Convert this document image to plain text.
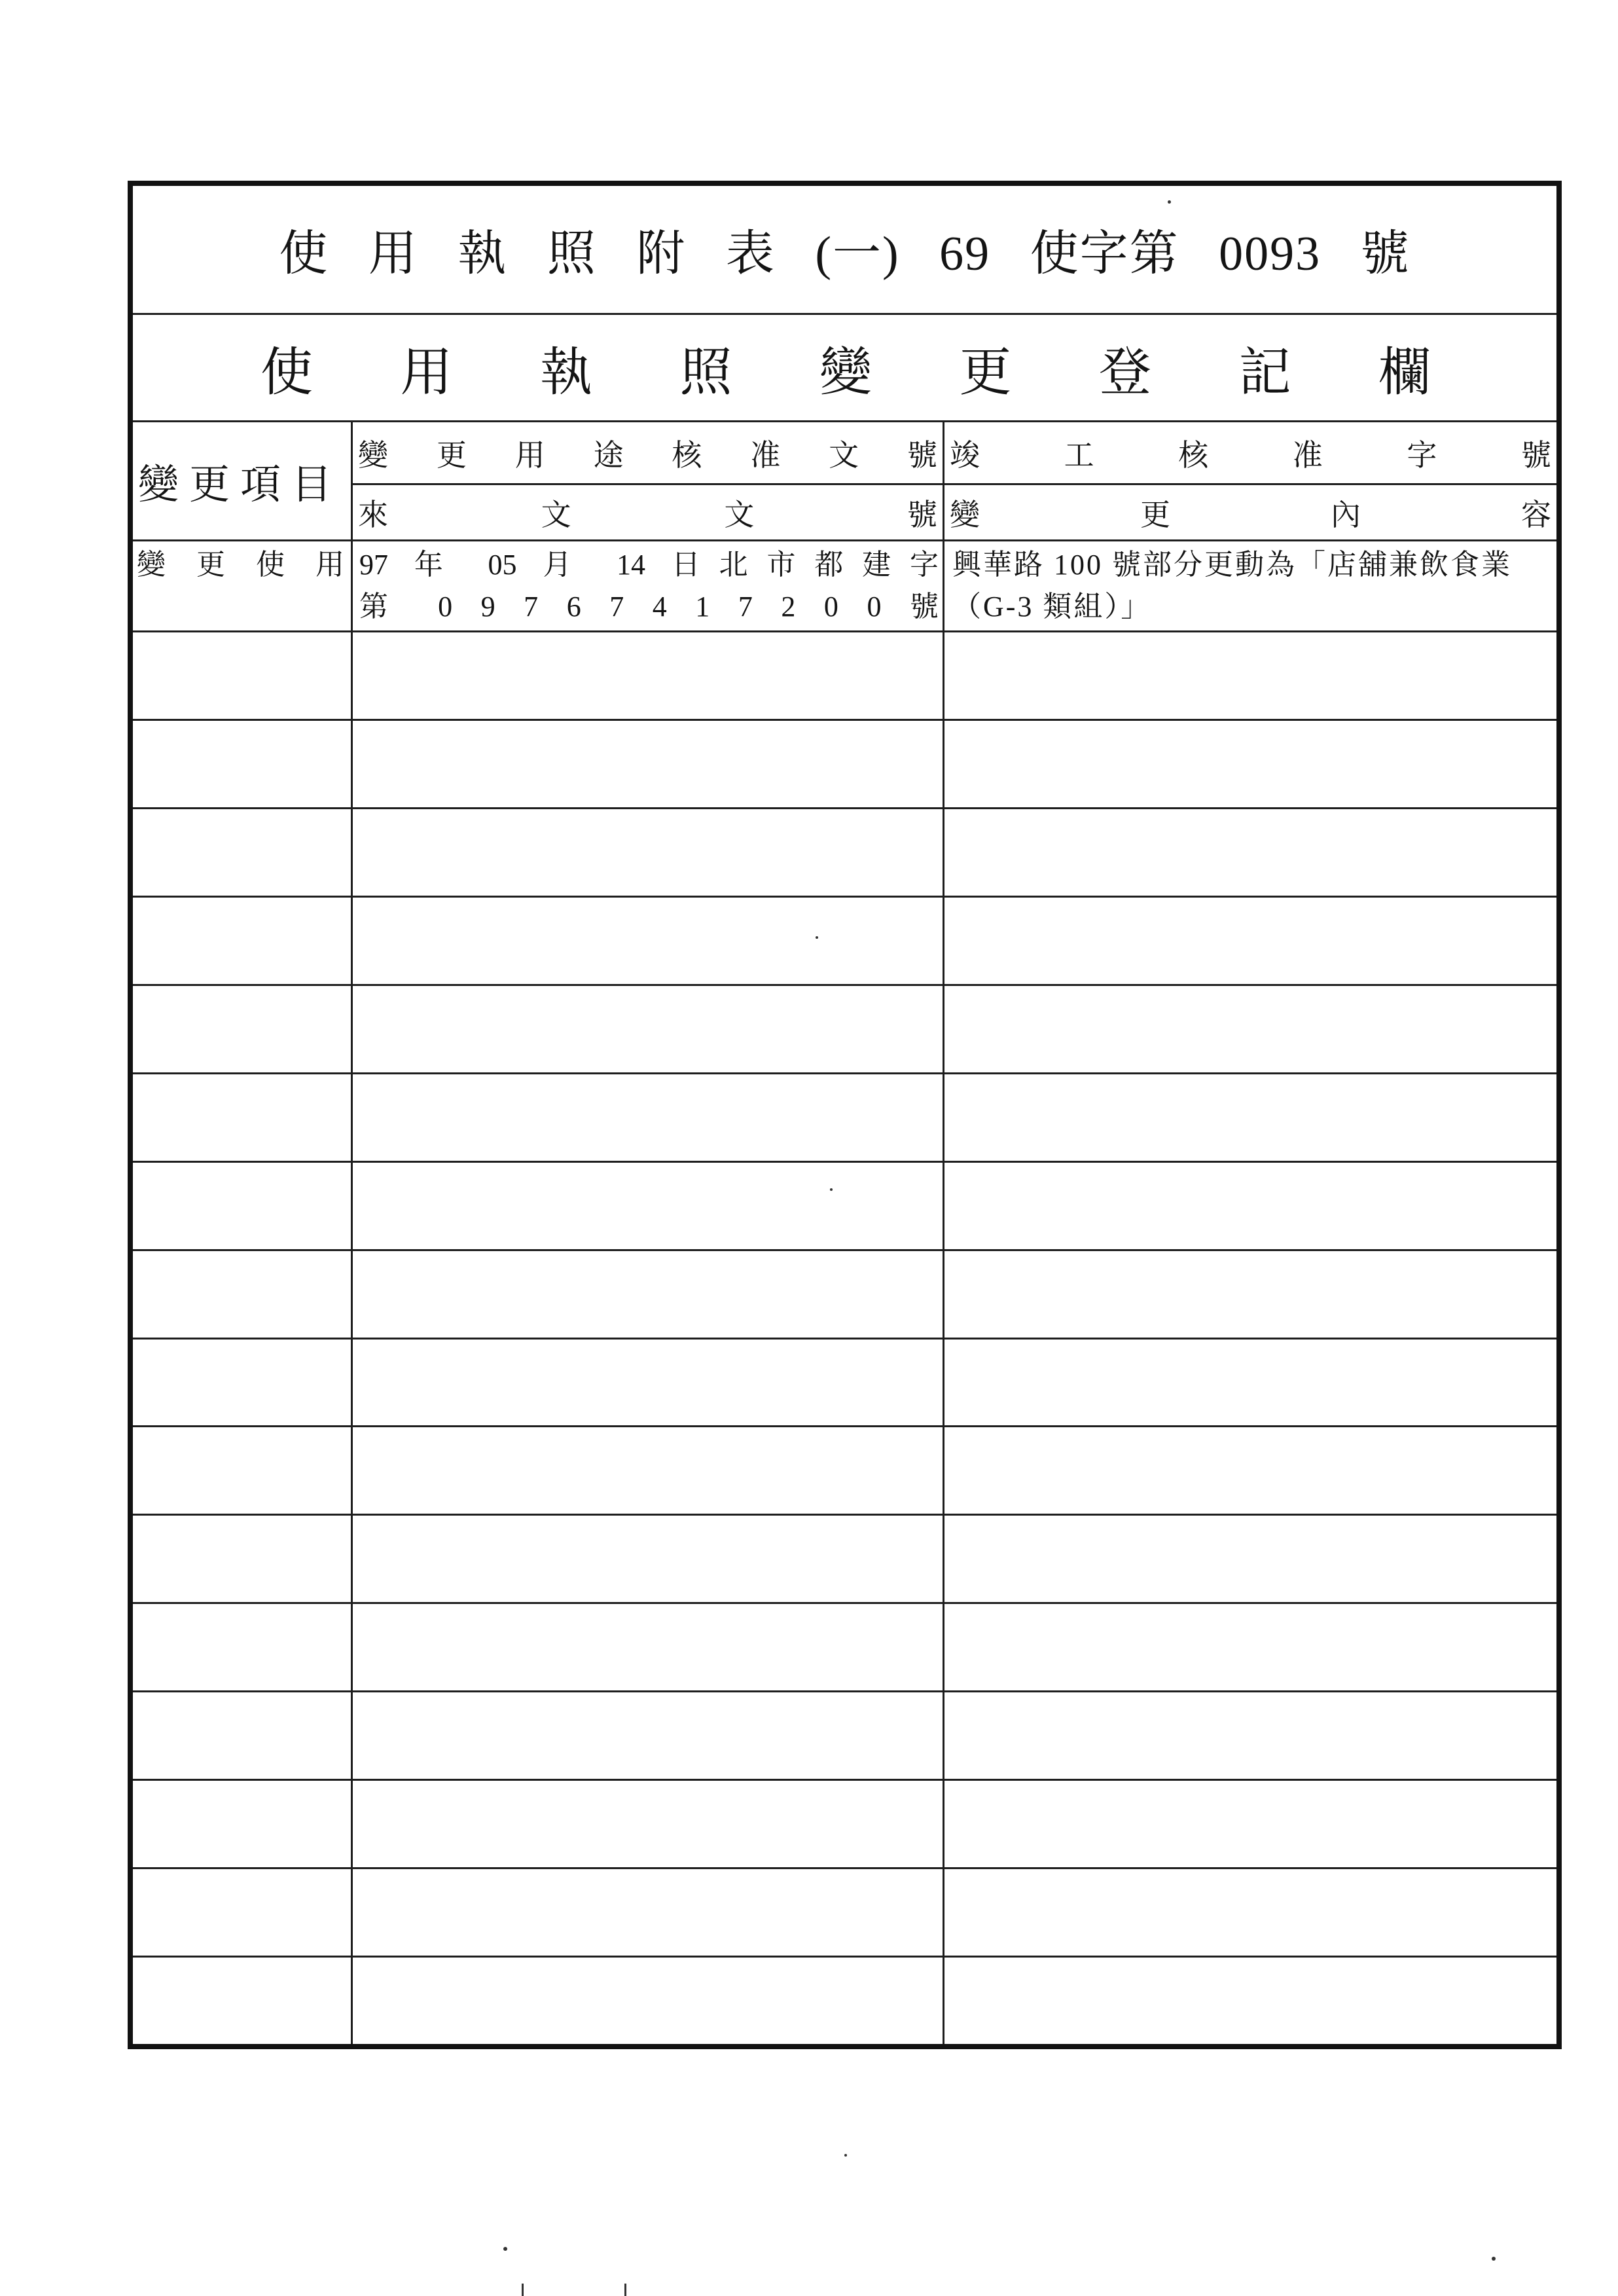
使 用 執 照 附 表 (一) 69 使字第 0093 號
使 用 執 照 變 更 登 記 欄
變更項目
變 更 用 途 核 准 文 號
來 文 文 號
竣 工 核 准 字 號
變 更 內 容
變 更 使 用 97 年 05 月 14 日北市都建字
第 0 9 7 6 7 4 1 7 2 0 0 號
興華路 100 號部分更動為「店舖兼飲食業
（G-3 類組）」
